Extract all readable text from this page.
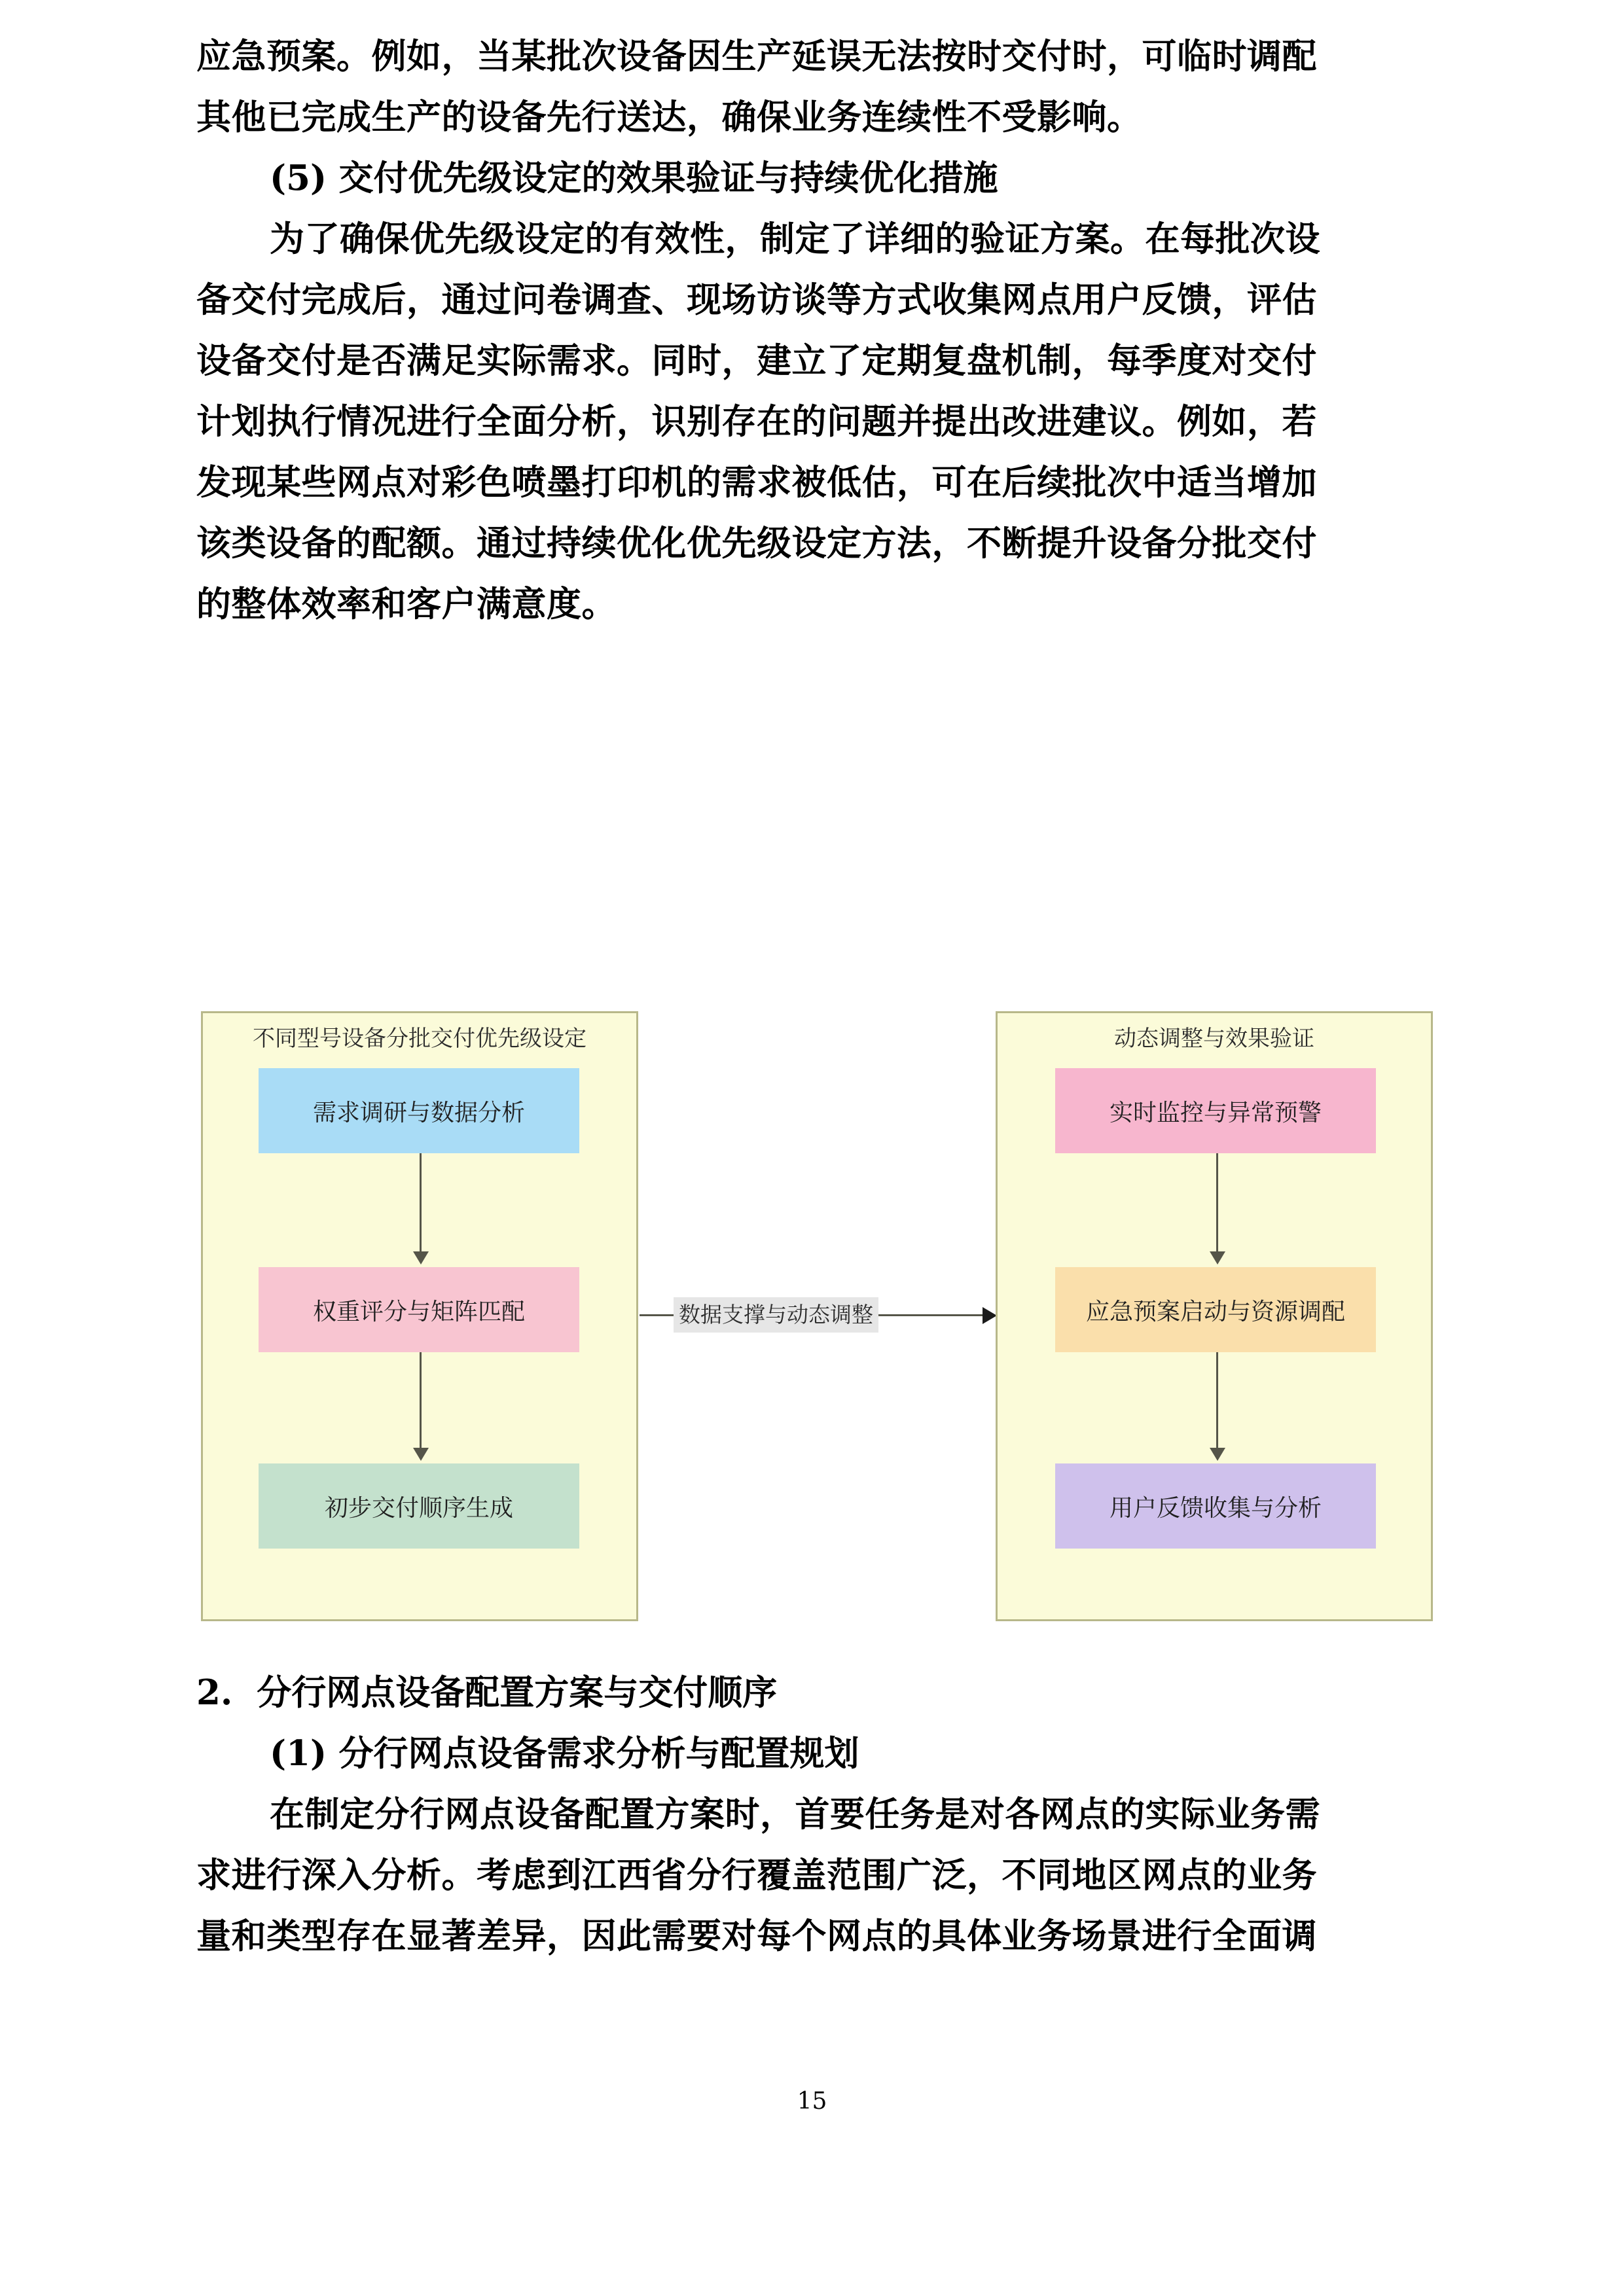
应急预案。例如，当某批次设备因生产延误无法按时交付时，可临时调配

其他已完成生产的设备先行送达，确保业务连续性不受影响。

(5) 交付优先级设定的效果验证与持续优化措施

为了确保优先级设定的有效性，制定了详细的验证方案。在每批次设

备交付完成后，通过问卷调查、现场访谈等方式收集网点用户反馈，评估

设备交付是否满足实际需求。同时，建立了定期复盘机制，每季度对交付

计划执行情况进行全面分析，识别存在的问题并提出改进建议。例如，若

发现某些网点对彩色喷墨打印机的需求被低估，可在后续批次中适当增加

该类设备的配额。通过持续优化优先级设定方法，不断提升设备分批交付

的整体效率和客户满意度。

不同型号设备分批交付优先级设定
需求调研与数据分析
权重评分与矩阵匹配
初步交付顺序生成
数据支撑与动态调整
动态调整与效果验证
实时监控与异常预警
应急预案启动与资源调配
用户反馈收集与分析

2.  分行网点设备配置方案与交付顺序

(1) 分行网点设备需求分析与配置规划

在制定分行网点设备配置方案时，首要任务是对各网点的实际业务需

求进行深入分析。考虑到江西省分行覆盖范围广泛，不同地区网点的业务

量和类型存在显著差异，因此需要对每个网点的具体业务场景进行全面调

15
